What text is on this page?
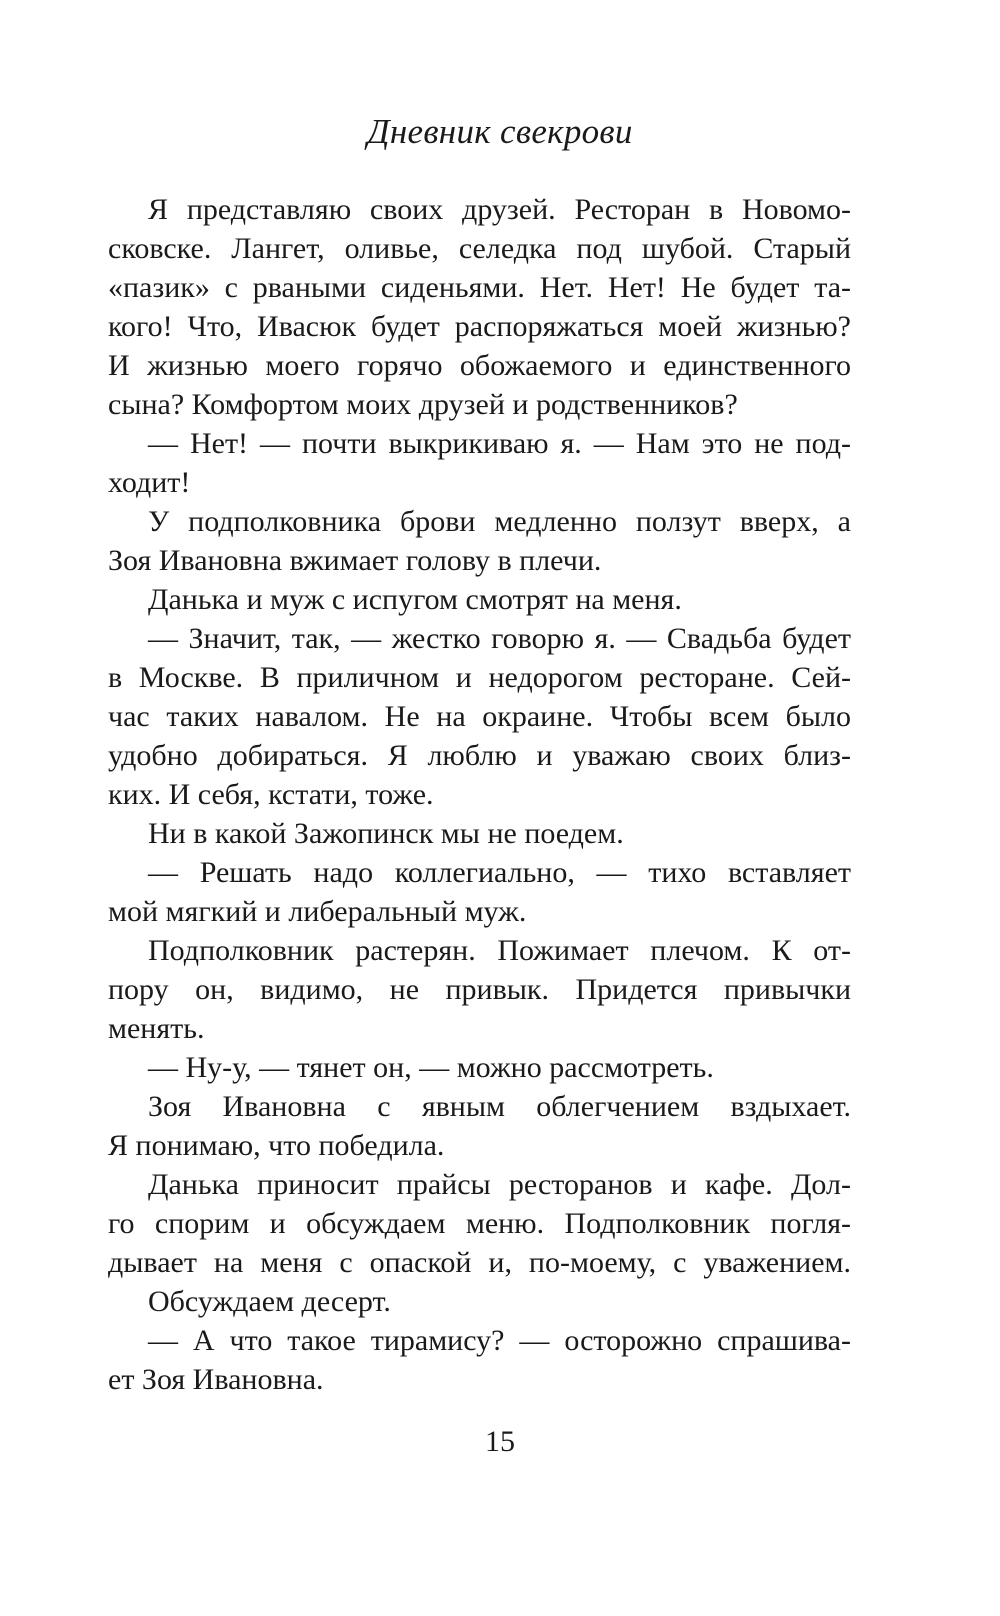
Дневник свекрови
Я представляю своих друзей. Ресторан в Новомо-
сковске. Лангет, оливье, селедка под шубой. Старый
«пазик» с рваными сиденьями. Нет. Нет! Не будет та-
кого! Что, Ивасюк будет распоряжаться моей жизнью?
И жизнью моего горячо обожаемого и единственного
сына? Комфортом моих друзей и родственников?
— Нет! — почти выкрикиваю я. — Нам это не под-
ходит!
У подполковника брови медленно ползут вверх, а
Зоя Ивановна вжимает голову в плечи.
Данька и муж с испугом смотрят на меня.
— Значит, так, — жестко говорю я. — Свадьба будет
в Москве. В приличном и недорогом ресторане. Сей-
час таких навалом. Не на окраине. Чтобы всем было
удобно добираться. Я люблю и уважаю своих близ-
ких. И себя, кстати, тоже.
Ни в какой Зажопинск мы не поедем.
— Решать надо коллегиально, — тихо вставляет
мой мягкий и либеральный муж.
Подполковник растерян. Пожимает плечом. К от-
пору он, видимо, не привык. Придется привычки
менять.
— Ну-у, — тянет он, — можно рассмотреть.
Зоя Ивановна с явным облегчением вздыхает.
Я понимаю, что победила.
Данька приносит прайсы ресторанов и кафе. Дол-
го спорим и обсуждаем меню. Подполковник погля-
дывает на меня с опаской и, по-моему, с уважением.
Обсуждаем десерт.
— А что такое тирамису? — осторожно спрашива-
ет Зоя Ивановна.
15
